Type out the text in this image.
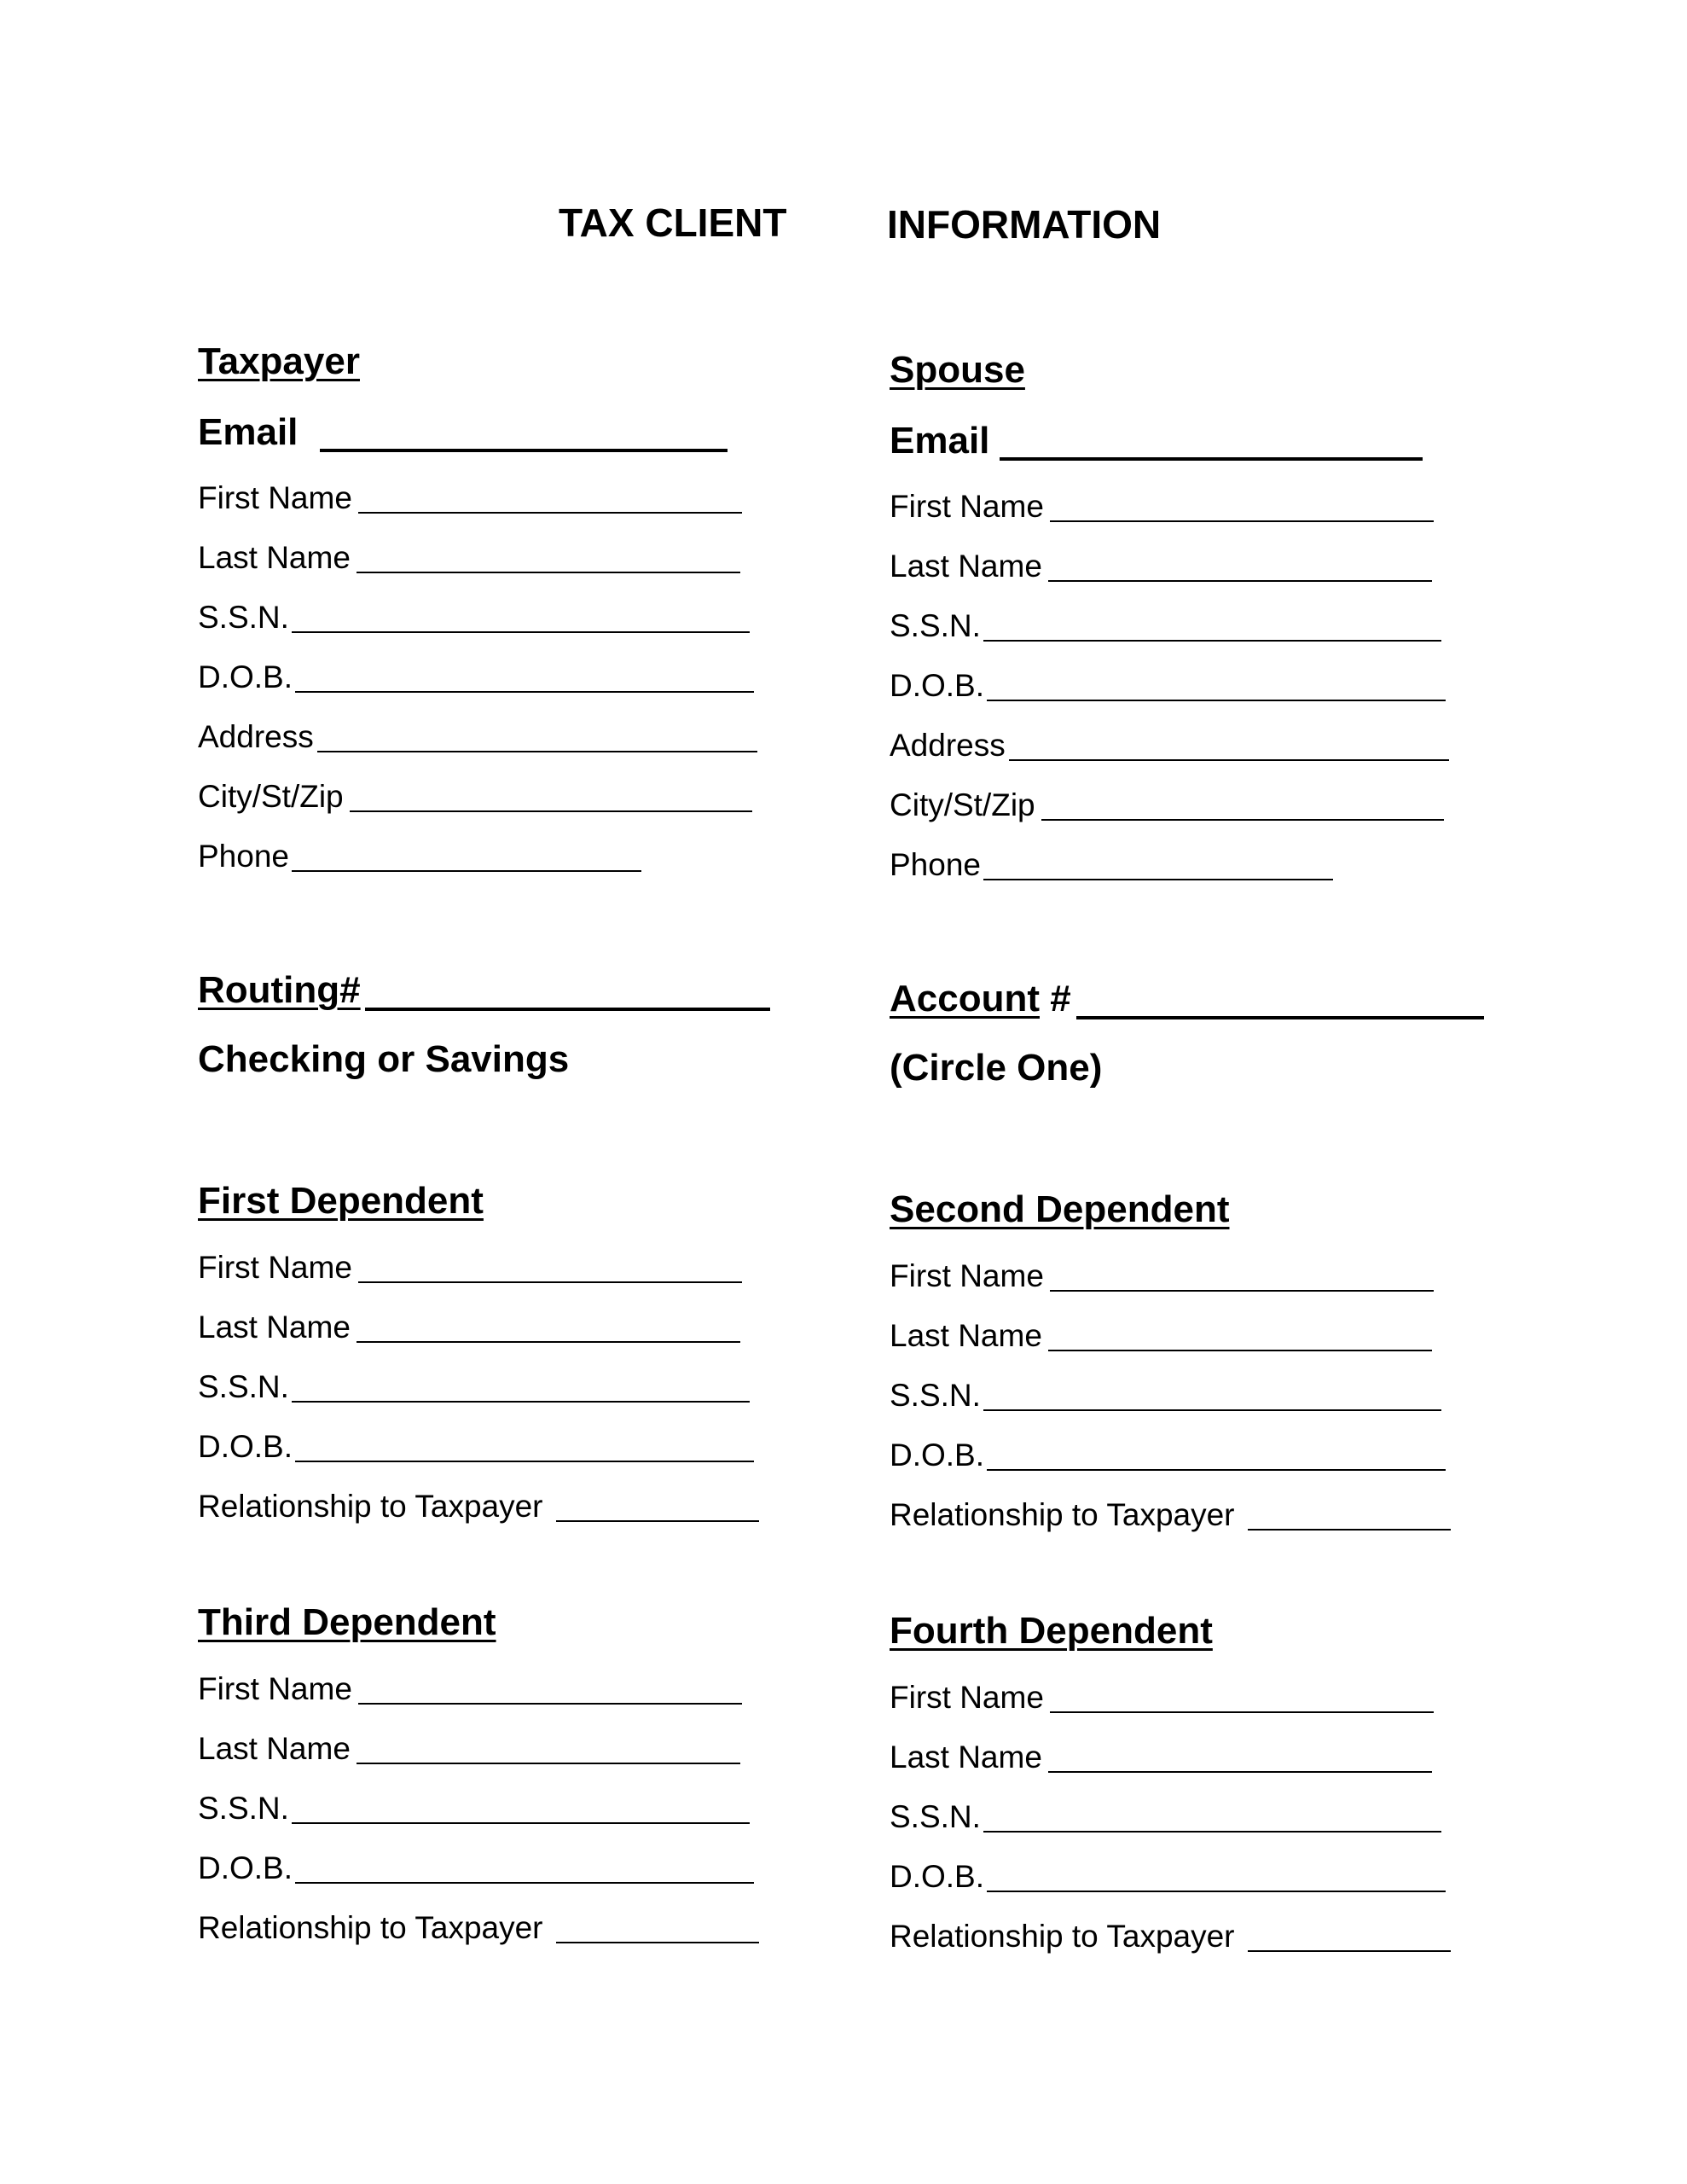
TAX CLIENT	INFORMATION
Taxpayer
Email
First Name
Last Name
S.S.N.
D.O.B.
Address
City/St/Zip
Phone
Spouse
Email
First Name
Last Name
S.S.N.
D.O.B.
Address
City/St/Zip
Phone
Routing#
Checking or Savings
Account #
(Circle One)
First Dependent
First Name
Last Name
S.S.N.
D.O.B.
Relationship to Taxpayer
Second Dependent
First Name
Last Name
S.S.N.
D.O.B.
Relationship to Taxpayer
Third Dependent
First Name
Last Name
S.S.N.
D.O.B.
Relationship to Taxpayer
Fourth Dependent
First Name
Last Name
S.S.N.
D.O.B.
Relationship to Taxpayer
